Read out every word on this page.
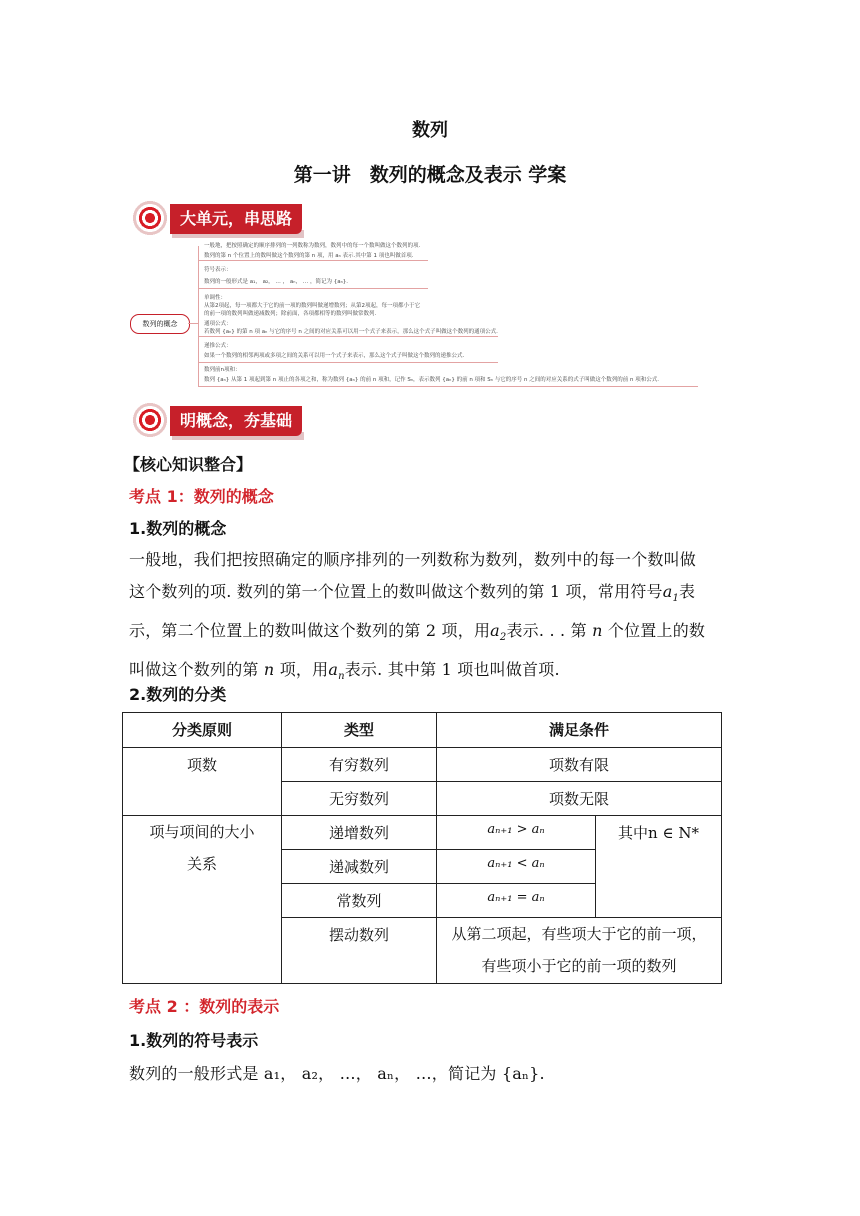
数列
第一讲　数列的概念及表示 学案
大单元，串思路
数列的概念
一般地，把按照确定的顺序排列的一列数称为数列，数列中的每一个数叫做这个数列的项.
数列的第 n 个位置上的数叫做这个数列的第 n 项，用 aₙ 表示.其中第 1 项也叫做首项.
符号表示：
数列的一般形式是 a₁， a₂， … ， aₙ， … ，简记为 {aₙ}.
单调性：
从第2项起，每一项都大于它的前一项的数列叫做递增数列；从第2项起，每一项都小于它
的前一项的数列叫做递减数列；除前面，各项都相等的数列叫做常数列.
通项公式：
若数列 {aₙ} 的第 n 项 aₙ 与它的序号 n 之间的对应关系可以用一个式子来表示，那么这个式子叫做这个数列的通项公式.
递推公式：
如果一个数列的相邻两项或多项之间的关系可以用一个式子来表示，那么这个式子叫做这个数列的递推公式.
数列前n项和：
数列 {aₙ} 从第 1 项起到第 n 项止的各项之和，称为数列 {aₙ} 的前 n 项和，记作 Sₙ，表示数列 {aₙ} 的前 n 项和 Sₙ 与它的序号 n 之间的对应关系的式子叫做这个数列的前 n 项和公式.
明概念，夯基础
【核心知识整合】
考点 1：数列的概念
1.数列的概念
一般地，我们把按照确定的顺序排列的一列数称为数列，数列中的每一个数叫做
这个数列的项. 数列的第一个位置上的数叫做这个数列的第 1 项，常用符号$a_1$表
示，第二个位置上的数叫做这个数列的第 2 项，用$a_2$表示. . . 第 n 个位置上的数
叫做这个数列的第 n 项，用$a_n$表示. 其中第 1 项也叫做首项.
2.数列的分类
分类原则	类型	满足条件	
项数	有穷数列	项数有限	
	无穷数列	项数无限	

项与项间的大小
关系	递增数列	aₙ₊₁ > aₙ	其中n ∈ N*
	递减数列	aₙ₊₁ < aₙ	
	常数列	aₙ₊₁ = aₙ	
	摆动数列	从第二项起，有些项大于它的前一项，
有些项小于它的前一项的数列	
考点 2 ：数列的表示
1.数列的符号表示
数列的一般形式是 a₁， a₂， …， aₙ， …，简记为 {aₙ}.
